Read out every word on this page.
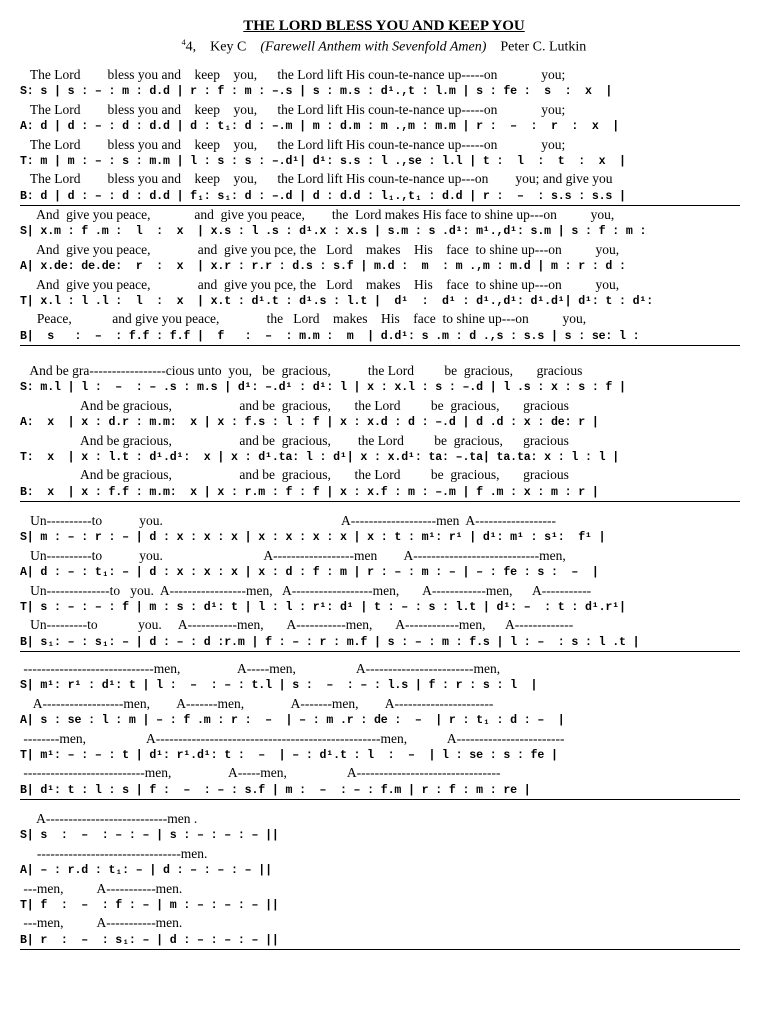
THE LORD BLESS YOU AND KEEP YOU
$^4$4,    Key C (Farewell Anthem with Sevenfold Amen) Peter C. Lutkin
The Lord        bless you and    keep    you,      the Lord lift His coun-te-nance up-----on             you;
S: s | s : – : m : d.d | r : f : m : –.s | s : m.s : d¹.,t : l.m | s : fe :  s  :  x  |
The Lord        bless you and    keep    you,      the Lord lift His coun-te-nance up-----on             you;
A: d | d : – : d : d.d | d : t₁: d : –.m | m : d.m : m .,m : m.m | r :  –  :  r  :  x  |
The Lord        bless you and    keep    you,      the Lord lift His coun-te-nance up-----on             you;
T: m | m : – : s : m.m | l : s : s : –.d¹| d¹: s.s : l .,se : l.l | t :  l  :  t  :  x  |
The Lord        bless you and    keep    you,      the Lord lift His coun-te-nance up---on        you; and give you
B: d | d : – : d : d.d | f₁: s₁: d : –.d | d : d.d : l₁.,t₁ : d.d | r :  –  : s.s : s.s |
And  give you peace,             and  give you peace,        the  Lord makes His face to shine up---on          you,
S| x.m : f .m :  l  :  x  | x.s : l .s : d¹.x : x.s | s.m : s .d¹: m¹.,d¹: s.m | s : f : m :
And  give you peace,              and  give you pce, the   Lord    makes    His    face  to shine up---on          you,
A| x.de: de.de:  r  :  x  | x.r : r.r : d.s : s.f | m.d :  m  : m .,m : m.d | m : r : d :
And  give you peace,              and  give you pce, the   Lord    makes    His    face  to shine up---on          you,
T| x.l : l .l :  l  :  x  | x.t : d¹.t : d¹.s : l.t |  d¹  :  d¹ : d¹.,d¹: d¹.d¹| d¹: t : d¹:
Peace,            and give you peace,              the   Lord    makes    His    face  to shine up---on          you,
B|  s   :  –  : f.f : f.f |  f   :  –  : m.m :  m  | d.d¹: s .m : d .,s : s.s | s : se: l :
And be gra-----------------cious unto  you,   be  gracious,           the Lord         be  gracious,       gracious
S: m.l | l :  –  : – .s : m.s | d¹: –.d¹ : d¹: l | x : x.l : s : –.d | l .s : x : s : f |
And be gracious,                    and be  gracious,       the Lord         be  gracious,       gracious
A:  x  | x : d.r : m.m:  x | x : f.s : l : f | x : x.d : d : –.d | d .d : x : de: r |
And be gracious,                    and be  gracious,        the Lord         be  gracious,      gracious
T:  x  | x : l.t : d¹.d¹:  x | x : d¹.ta: l : d¹| x : x.d¹: ta: –.ta| ta.ta: x : l : l |
And be gracious,                    and be  gracious,       the Lord         be  gracious,       gracious
B:  x  | x : f.f : m.m:  x | x : r.m : f : f | x : x.f : m : –.m | f .m : x : m : r |
Un----------to           you.                                                     A-------------------men  A------------------
S| m : – : r : – | d : x : x : x | x : x : x : x | x : t : m¹: r¹ | d¹: m¹ : s¹:  f¹ |
Un----------to           you.                              A------------------men        A----------------------------men,
A| d : – : t₁: – | d : x : x : x | x : d : f : m | r : – : m : – | – : fe : s :  –  |
Un--------------to   you.  A-----------------men,   A------------------men,       A------------men,      A-----------
T| s : – : – : f | m : s : d¹: t | l : l : r¹: d¹ | t : – : s : l.t | d¹: –  : t : d¹.r¹|
Un---------to            you.     A-----------men,       A-----------men,       A------------men,      A-------------
B| s₁: – : s₁: – | d : – : d :r.m | f : – : r : m.f | s : – : m : f.s | l : –  : s : l .t |
-----------------------------men,                 A-----men,                  A------------------------men,
S| m¹: r¹ : d¹: t | l :  –  : – : t.l | s :  –  : – : l.s | f : r : s : l  |
A------------------men,        A-------men,              A-------men,        A----------------------
A| s : se : l : m | – : f .m : r :  –  | – : m .r : de :  –  | r : t₁ : d : –  |
--------men,                  A--------------------------------------------------men,            A------------------------
T| m¹: – : – : t | d¹: r¹.d¹: t :  –  | – : d¹.t : l  :  –  | l : se : s : fe |
---------------------------men,                 A-----men,                  A--------------------------------
B| d¹: t : l : s | f :  –  : – : s.f | m :  –  : – : f.m | r : f : m : re |
A---------------------------men .
S| s  :  –  : – : – | s : – : – : – ||
--------------------------------men.
A| – : r.d : t₁: – | d : – : – : – ||
---men,          A-----------men.
T| f  :  –  : f : – | m : – : – : – ||
---men,          A-----------men.
B| r  :  –  : s₁: – | d : – : – : – ||
